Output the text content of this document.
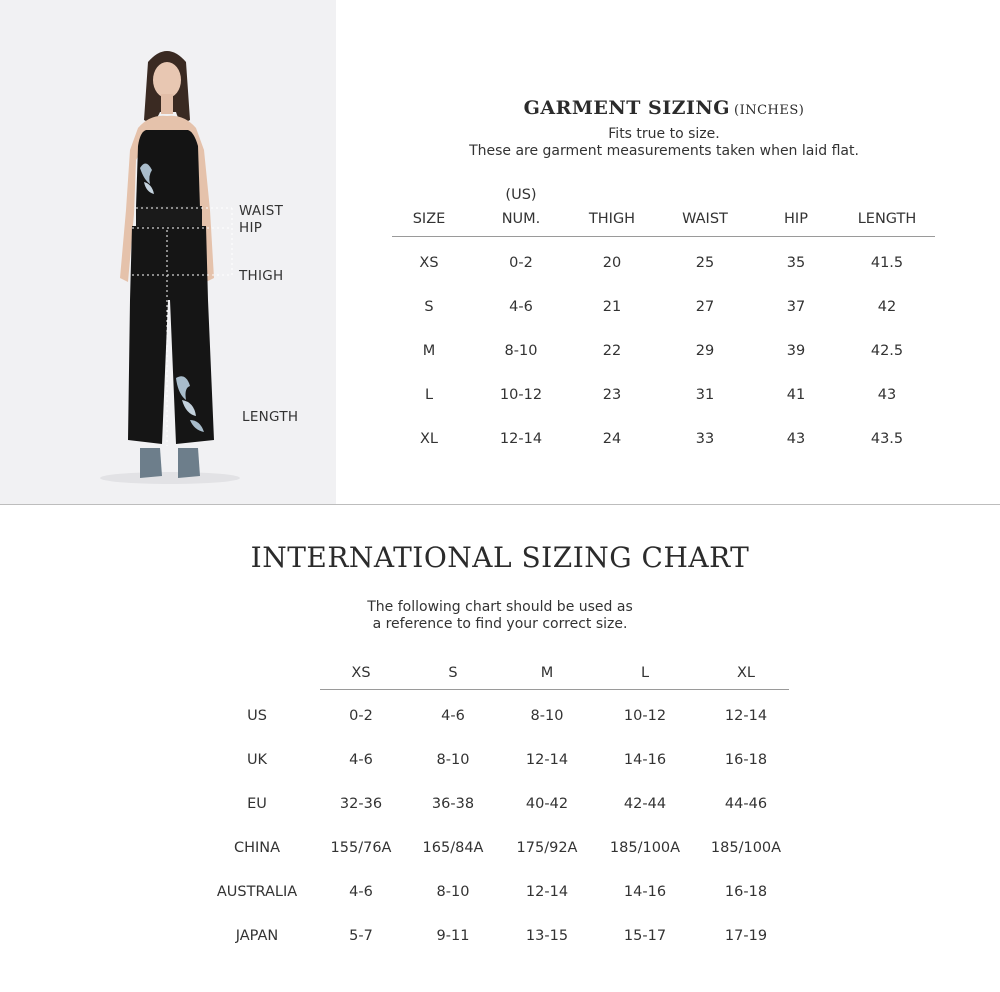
WAIST
HIP
THIGH
LENGTH
GARMENT SIZING (INCHES)
Fits true to size.
These are garment measurements taken when laid flat.
(US)
SIZE	NUM.	THIGH	WAIST	HIP	LENGTH
XS	0-2	20	25	35	41.5
S	4-6	21	27	37	42
M	8-10	22	29	39	42.5
L	10-12	23	31	41	43
XL	12-14	24	33	43	43.5
INTERNATIONAL SIZING CHART
The following chart should be used as
a reference to find your correct size.
XS	S	M	L	XL
US	0-2	4-6	8-10	10-12	12-14
UK	4-6	8-10	12-14	14-16	16-18
EU	32-36	36-38	40-42	42-44	44-46
CHINA	155/76A 165/84A 175/92A 185/100A 185/100A
AUSTRALIA	4-6	8-10	12-14	14-16	16-18
JAPAN	5-7	9-11	13-15	15-17	17-19
